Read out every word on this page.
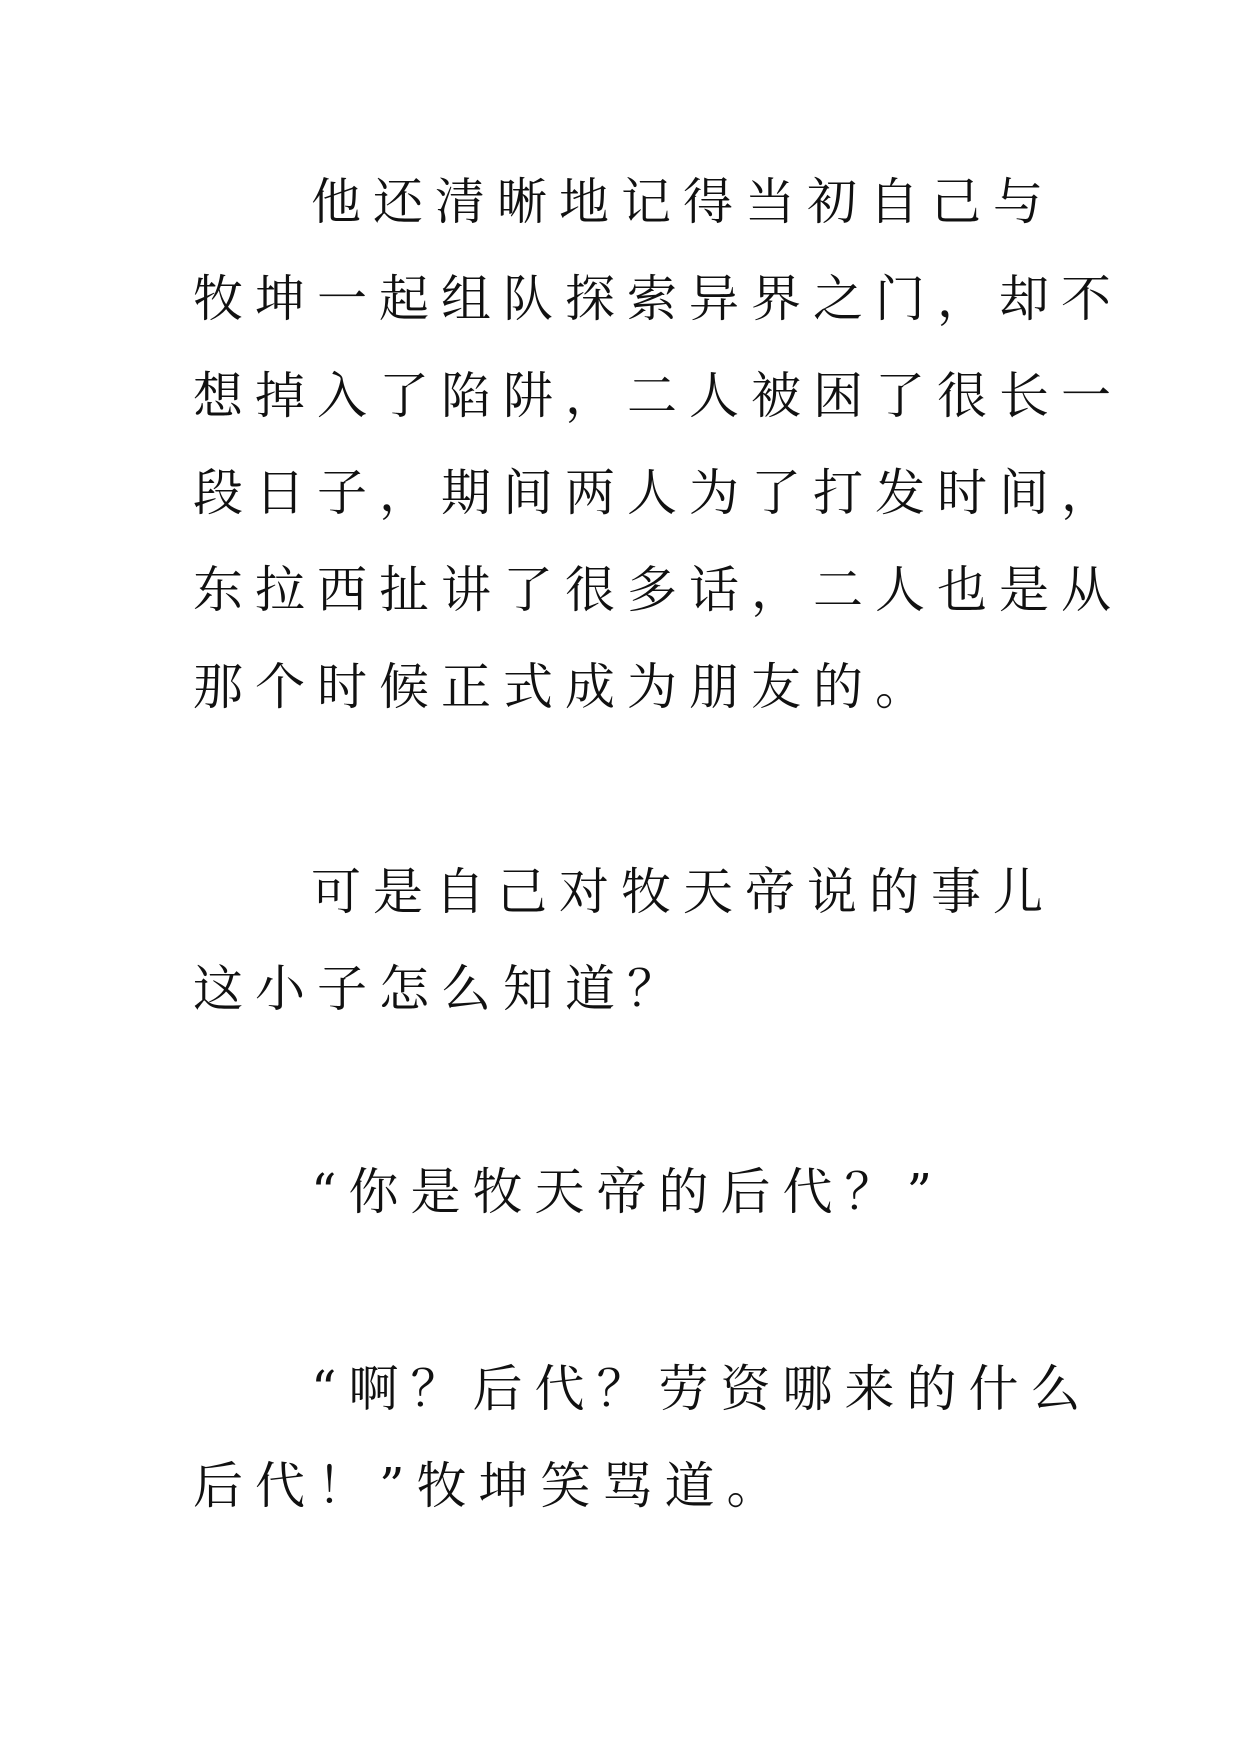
他还清晰地记得当初自己与
牧坤一起组队探索异界之门，却不
想掉入了陷阱，二人被困了很长一
段日子，期间两人为了打发时间，
东拉西扯讲了很多话，二人也是从
那个时候正式成为朋友的。
可是自己对牧天帝说的事儿
这小子怎么知道？
“你是牧天帝的后代？”
“啊？后代？劳资哪来的什么
后代！”牧坤笑骂道。
